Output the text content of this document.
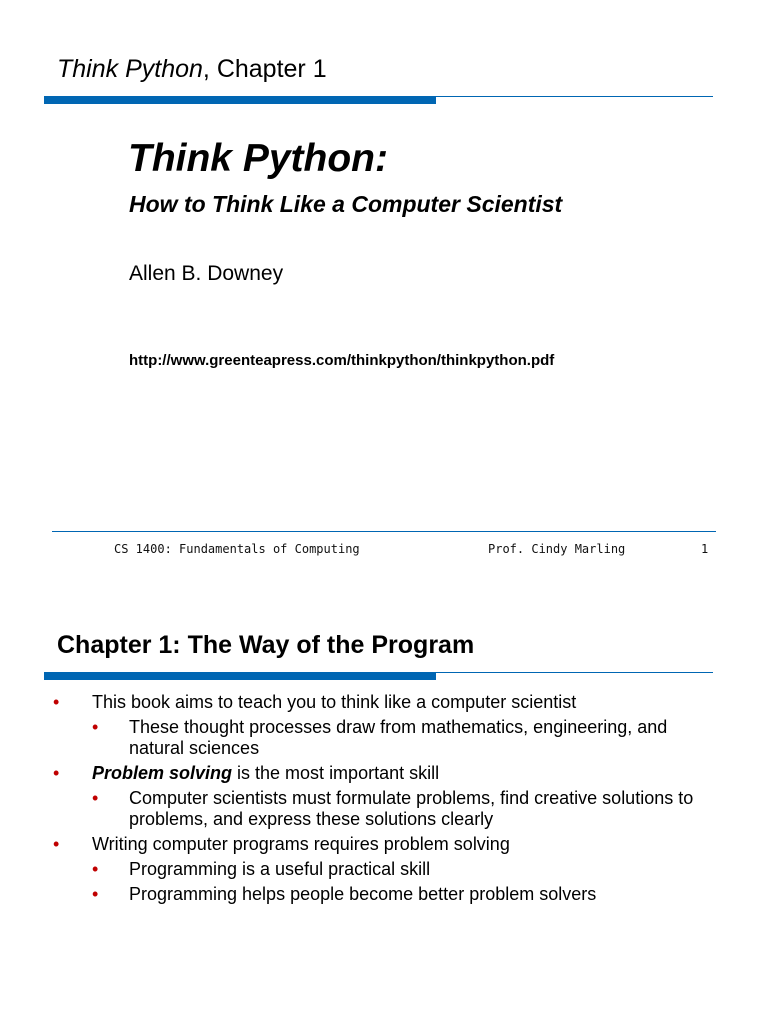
Think Python, Chapter 1
Think Python:
How to Think Like a Computer Scientist
Allen B. Downey
http://www.greenteapress.com/thinkpython/thinkpython.pdf
CS 1400: Fundamentals of Computing	Prof. Cindy Marling	1
Chapter 1: The Way of the Program
• This book aims to teach you to think like a computer scientist
• These thought processes draw from mathematics, engineering, and natural sciences
• Problem solving is the most important skill
• Computer scientists must formulate problems, find creative solutions to problems, and express these solutions clearly
• Writing computer programs requires problem solving
• Programming is a useful practical skill
• Programming helps people become better problem solvers
